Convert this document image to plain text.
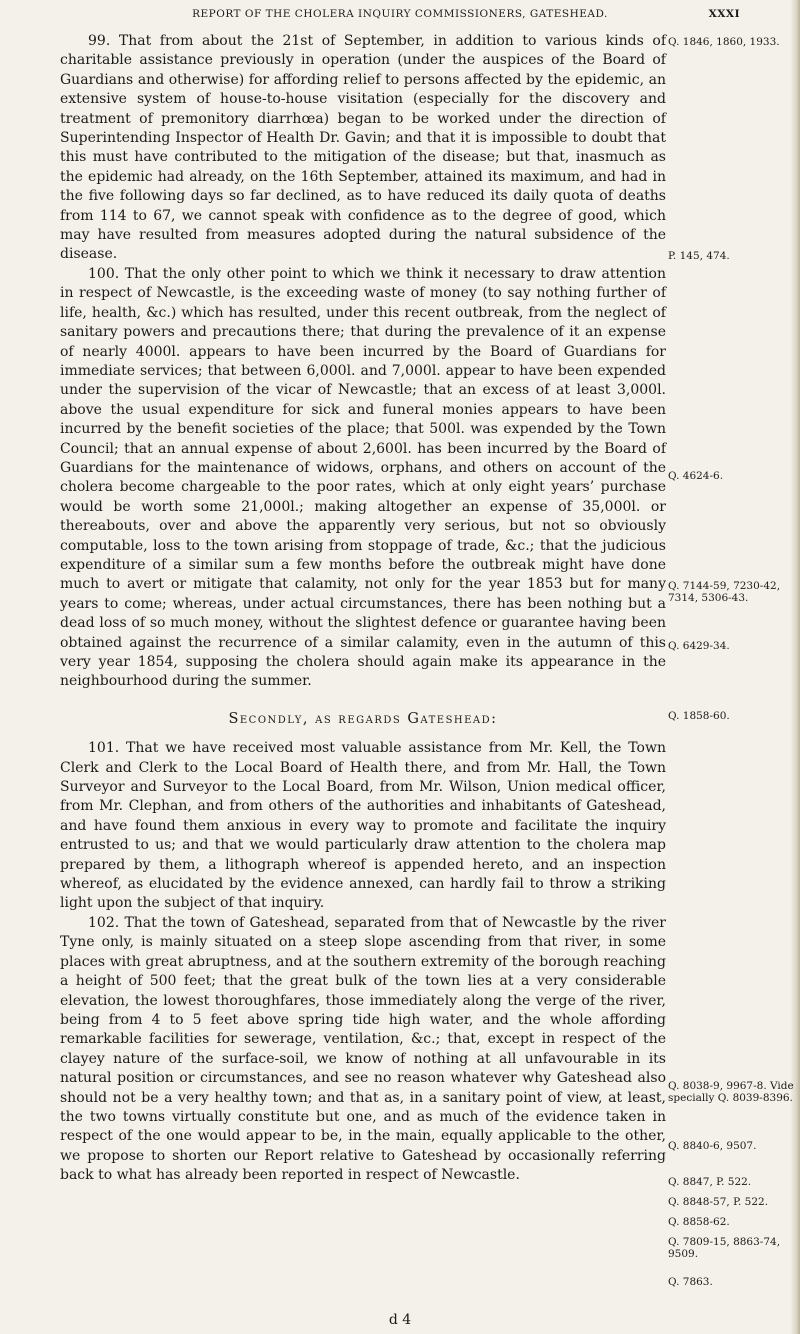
REPORT OF THE CHOLERA INQUIRY COMMISSIONERS, GATESHEAD.	XXXI

99. That from about the 21st of September, in addition to various kinds of charitable assistance previously in operation (under the auspices of the Board of Guardians and otherwise) for affording relief to persons affected by the epidemic, an extensive system of house-to-house visitation (especially for the discovery and treatment of premonitory diarrhœa) began to be worked under the direction of Superintending Inspector of Health Dr. Gavin; and that it is impossible to doubt that this must have contributed to the mitigation of the disease; but that, inasmuch as the epidemic had already, on the 16th September, attained its maximum, and had in the five following days so far declined, as to have reduced its daily quota of deaths from 114 to 67, we cannot speak with confidence as to the degree of good, which may have resulted from measures adopted during the natural subsidence of the disease.

100. That the only other point to which we think it necessary to draw attention in respect of Newcastle, is the exceeding waste of money (to say nothing further of life, health, &c.) which has resulted, under this recent outbreak, from the neglect of sanitary powers and precautions there; that during the prevalence of it an expense of nearly 4000l. appears to have been incurred by the Board of Guardians for immediate services; that between 6,000l. and 7,000l. appear to have been expended under the supervision of the vicar of Newcastle; that an excess of at least 3,000l. above the usual expenditure for sick and funeral monies appears to have been incurred by the benefit societies of the place; that 500l. was expended by the Town Council; that an annual expense of about 2,600l. has been incurred by the Board of Guardians for the maintenance of widows, orphans, and others on account of the cholera become chargeable to the poor rates, which at only eight years’ purchase would be worth some 21,000l.; making altogether an expense of 35,000l. or thereabouts, over and above the apparently very serious, but not so obviously computable, loss to the town arising from stoppage of trade, &c.; that the judicious expenditure of a similar sum a few months before the outbreak might have done much to avert or mitigate that calamity, not only for the year 1853 but for many years to come; whereas, under actual circumstances, there has been nothing but a dead loss of so much money, without the slightest defence or guarantee having been obtained against the recurrence of a similar calamity, even in the autumn of this very year 1854, supposing the cholera should again make its appearance in the neighbourhood during the summer.

Secondly, as regards Gateshead:

101. That we have received most valuable assistance from Mr. Kell, the Town Clerk and Clerk to the Local Board of Health there, and from Mr. Hall, the Town Surveyor and Surveyor to the Local Board, from Mr. Wilson, Union medical officer, from Mr. Clephan, and from others of the authorities and inhabitants of Gateshead, and have found them anxious in every way to promote and facilitate the inquiry entrusted to us; and that we would particularly draw attention to the cholera map prepared by them, a lithograph whereof is appended hereto, and an inspection whereof, as elucidated by the evidence annexed, can hardly fail to throw a striking light upon the subject of that inquiry.

102. That the town of Gateshead, separated from that of Newcastle by the river Tyne only, is mainly situated on a steep slope ascending from that river, in some places with great abruptness, and at the southern extremity of the borough reaching a height of 500 feet; that the great bulk of the town lies at a very considerable elevation, the lowest thoroughfares, those immediately along the verge of the river, being from 4 to 5 feet above spring tide high water, and the whole affording remarkable facilities for sewerage, ventilation, &c.; that, except in respect of the clayey nature of the surface-soil, we know of nothing at all unfavourable in its natural position or circumstances, and see no reason whatever why Gateshead also should not be a very healthy town; and that as, in a sanitary point of view, at least, the two towns virtually constitute but one, and as much of the evidence taken in respect of the one would appear to be, in the main, equally applicable to the other, we propose to shorten our Report relative to Gateshead by occasionally referring back to what has already been reported in respect of Newcastle.

Q. 1846, 1860, 1933.
P. 145, 474.
Q. 4624-6.
Q. 7144-59, 7230-42, 7314, 5306-43.
Q. 6429-34.
Q. 1858-60.
Q. 8038-9, 9967-8. Vide specially Q. 8039-8396.
Q. 8840-6, 9507.
Q. 8847, P. 522.
Q. 8848-57, P. 522.
Q. 8858-62.
Q. 7809-15, 8863-74, 9509.
Q. 7863.
d 4
